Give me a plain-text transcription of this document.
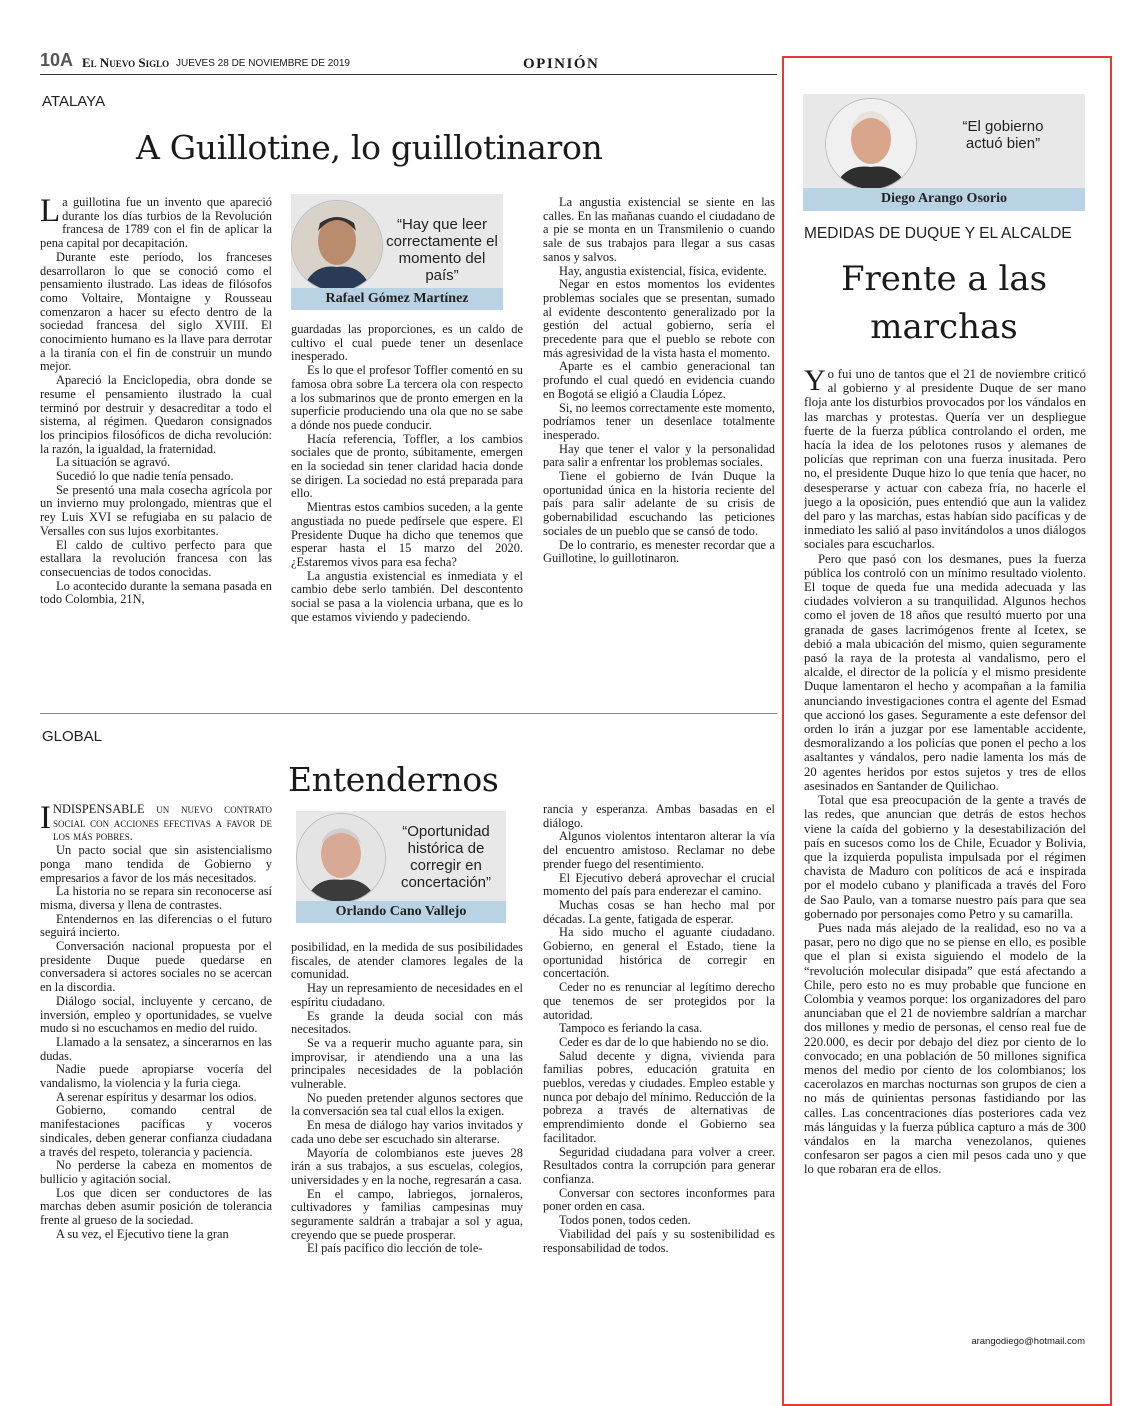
10A El Nuevo Siglo JUEVES 28 DE NOVIEMBRE DE 2019	OPINIÓN
ATALAYA
A Guillotine, lo guillotinaron

La guillotina fue un invento que apareció durante los días turbios de la Revolución francesa de 1789 con el fin de aplicar la pena capital por decapitación.

Durante este período, los franceses desarrollaron lo que se conoció como el pensamiento ilustrado. Las ideas de filósofos como Voltaire, Montaigne y Rousseau comenzaron a hacer su efecto dentro de la sociedad francesa del siglo XVIII. El conocimiento humano es la llave para derrotar a la tiranía con el fin de construir un mundo mejor.

Apareció la Enciclopedia, obra donde se resume el pensamiento ilustrado la cual terminó por destruir y desacreditar a todo el sistema, al régimen. Quedaron consignados los principios filosóficos de dicha revolución: la razón, la igualdad, la fraternidad.

La situación se agravó.

Sucedió lo que nadie tenía pensado.

Se presentó una mala cosecha agrícola por un invierno muy prolongado, mientras que el rey Luis XVI se refugiaba en su palacio de Versalles con sus lujos exorbitantes.

El caldo de cultivo perfecto para que estallara la revolución francesa con las consecuencias de todos conocidas.

Lo acontecido durante la semana pasada en todo Colombia, 21N,

“Hay que leer correctamente el momento del país”
Rafael Gómez Martínez

guardadas las proporciones, es un caldo de cultivo el cual puede tener un desenlace inesperado.

Es lo que el profesor Toffler comentó en su famosa obra sobre La tercera ola con respecto a los submarinos que de pronto emergen en la superficie produciendo una ola que no se sabe a dónde nos puede conducir.

Hacía referencia, Toffler, a los cambios sociales que de pronto, súbitamente, emergen en la sociedad sin tener claridad hacia donde se dirigen. La sociedad no está preparada para ello.

Mientras estos cambios suceden, a la gente angustiada no puede pedírsele que espere. El Presidente Duque ha dicho que tenemos que esperar hasta el 15 marzo del 2020. ¿Estaremos vivos para esa fecha?

La angustia existencial es inmediata y el cambio debe serlo también. Del descontento social se pasa a la violencia urbana, que es lo que estamos viviendo y padeciendo.

La angustia existencial se siente en las calles. En las mañanas cuando el ciudadano de a pie se monta en un Transmilenio o cuando sale de sus trabajos para llegar a sus casas sanos y salvos.

Hay, angustia existencial, física, evidente.

Negar en estos momentos los evidentes problemas sociales que se presentan, sumado al evidente descontento generalizado por la gestión del actual gobierno, sería el precedente para que el pueblo se rebote con más agresividad de la vista hasta el momento.

Aparte es el cambio generacional tan profundo el cual quedó en evidencia cuando en Bogotá se eligió a Claudia López.

Si, no leemos correctamente este momento, podríamos tener un desenlace totalmente inesperado.

Hay que tener el valor y la personalidad para salir a enfrentar los problemas sociales.

Tiene el gobierno de Iván Duque la oportunidad única en la historia reciente del país para salir adelante de su crisis de gobernabilidad escuchando las peticiones sociales de un pueblo que se cansó de todo.

De lo contrario, es menester recordar que a Guillotine, lo guillotinaron.

GLOBAL
Entendernos

INDISPENSABLE un nuevo contrato social con acciones efectivas a favor de los más pobres.

Un pacto social que sin asistencialismo ponga mano tendida de Gobierno y empresarios a favor de los más necesitados.

La historia no se repara sin reconocerse así misma, diversa y llena de contrastes.

Entendernos en las diferencias o el futuro seguirá incierto.

Conversación nacional propuesta por el presidente Duque puede quedarse en conversadera si actores sociales no se acercan en la discordia.

Diálogo social, incluyente y cercano, de inversión, empleo y oportunidades, se vuelve mudo si no escuchamos en medio del ruido.

Llamado a la sensatez, a sincerarnos en las dudas.

Nadie puede apropiarse vocería del vandalismo, la violencia y la furia ciega.

A serenar espíritus y desarmar los odios.

Gobierno, comando central de manifestaciones pacíficas y voceros sindicales, deben generar confianza ciudadana a través del respeto, tolerancia y paciencia.

No perderse la cabeza en momentos de bullicio y agitación social.

Los que dicen ser conductores de las marchas deben asumir posición de tolerancia frente al grueso de la sociedad.

A su vez, el Ejecutivo tiene la gran

“Oportunidad histórica de corregir en concertación”
Orlando Cano Vallejo

posibilidad, en la medida de sus posibilidades fiscales, de atender clamores legales de la comunidad.

Hay un represamiento de necesidades en el espíritu ciudadano.

Es grande la deuda social con más necesitados.

Se va a requerir mucho aguante para, sin improvisar, ir atendiendo una a una las principales necesidades de la población vulnerable.

No pueden pretender algunos sectores que la conversación sea tal cual ellos la exigen.

En mesa de diálogo hay varios invitados y cada uno debe ser escuchado sin alterarse.

Mayoría de colombianos este jueves 28 irán a sus trabajos, a sus escuelas, colegios, universidades y en la noche, regresarán a casa.

En el campo, labriegos, jornaleros, cultivadores y familias campesinas muy seguramente saldrán a trabajar a sol y agua, creyendo que se puede prosperar.

El país pacífico dio lección de tole-

rancia y esperanza. Ambas basadas en el diálogo.

Algunos violentos intentaron alterar la vía del encuentro amistoso. Reclamar no debe prender fuego del resentimiento.

El Ejecutivo deberá aprovechar el crucial momento del país para enderezar el camino.

Muchas cosas se han hecho mal por décadas. La gente, fatigada de esperar.

Ha sido mucho el aguante ciudadano. Gobierno, en general el Estado, tiene la oportunidad histórica de corregir en concertación.

Ceder no es renunciar al legítimo derecho que tenemos de ser protegidos por la autoridad.

Tampoco es feriando la casa.

Ceder es dar de lo que habiendo no se dio.

Salud decente y digna, vivienda para familias pobres, educación gratuita en pueblos, veredas y ciudades. Empleo estable y nunca por debajo del mínimo. Reducción de la pobreza a través de alternativas de emprendimiento donde el Gobierno sea facilitador.

Seguridad ciudadana para volver a creer. Resultados contra la corrupción para generar confianza.

Conversar con sectores inconformes para poner orden en casa.

Todos ponen, todos ceden.

Viabilidad del país y su sostenibilidad es responsabilidad de todos.

“El gobierno actuó bien”
Diego Arango Osorio
MEDIDAS DE DUQUE Y EL ALCALDE
Frente a las marchas

Yo fui uno de tantos que el 21 de noviembre criticó al gobierno y al presidente Duque de ser mano floja ante los disturbios provocados por los vándalos en las marchas y protestas. Quería ver un despliegue fuerte de la fuerza pública controlando el orden, me hacía la idea de los pelotones rusos y alemanes de policías que repriman con una fuerza inusitada. Pero no, el presidente Duque hizo lo que tenía que hacer, no desesperarse y actuar con cabeza fría, no hacerle el juego a la oposición, pues entendió que aun la validez del paro y las marchas, estas habían sido pacíficas y de inmediato les salió al paso invitándolos a unos diálogos sociales para escucharlos.

Pero que pasó con los desmanes, pues la fuerza pública los controló con un mínimo resultado violento. El toque de queda fue una medida adecuada y las ciudades volvieron a su tranquilidad. Algunos hechos como el joven de 18 años que resultó muerto por una granada de gases lacrimógenos frente al Icetex, se debió a mala ubicación del mismo, quien seguramente pasó la raya de la protesta al vandalismo, pero el alcalde, el director de la policía y el mismo presidente Duque lamentaron el hecho y acompañan a la familia anunciando investigaciones contra el agente del Esmad que accionó los gases. Seguramente a este defensor del orden lo irán a juzgar por ese lamentable accidente, desmoralizando a los policías que ponen el pecho a los asaltantes y vándalos, pero nadie lamenta los más de 20 agentes heridos por estos sujetos y tres de ellos asesinados en Santander de Quilichao.

Total que esa preocupación de la gente a través de las redes, que anuncian que detrás de estos hechos viene la caída del gobierno y la desestabilización del país en sucesos como los de Chile, Ecuador y Bolivia, que la izquierda populista impulsada por el régimen chavista de Maduro con políticos de acá e inspirada por el modelo cubano y planificada a través del Foro de Sao Paulo, van a tomarse nuestro país para que sea gobernado por personajes como Petro y su camarilla.

Pues nada más alejado de la realidad, eso no va a pasar, pero no digo que no se piense en ello, es posible que el plan si exista siguiendo el modelo de la “revolución molecular disipada” que está afectando a Chile, pero esto no es muy probable que funcione en Colombia y veamos porque: los organizadores del paro anunciaban que el 21 de noviembre saldrían a marchar dos millones y medio de personas, el censo real fue de 220.000, es decir por debajo del diez por ciento de lo convocado; en una población de 50 millones significa menos del medio por ciento de los colombianos; los cacerolazos en marchas nocturnas son grupos de cien a no más de quinientas personas fastidiando por las calles. Las concentraciones días posteriores cada vez más lánguidas y la fuerza pública capturo a más de 300 vándalos en la marcha venezolanos, quienes confesaron ser pagos a cien mil pesos cada uno y que lo que robaran era de ellos.

arangodiego@hotmail.com
